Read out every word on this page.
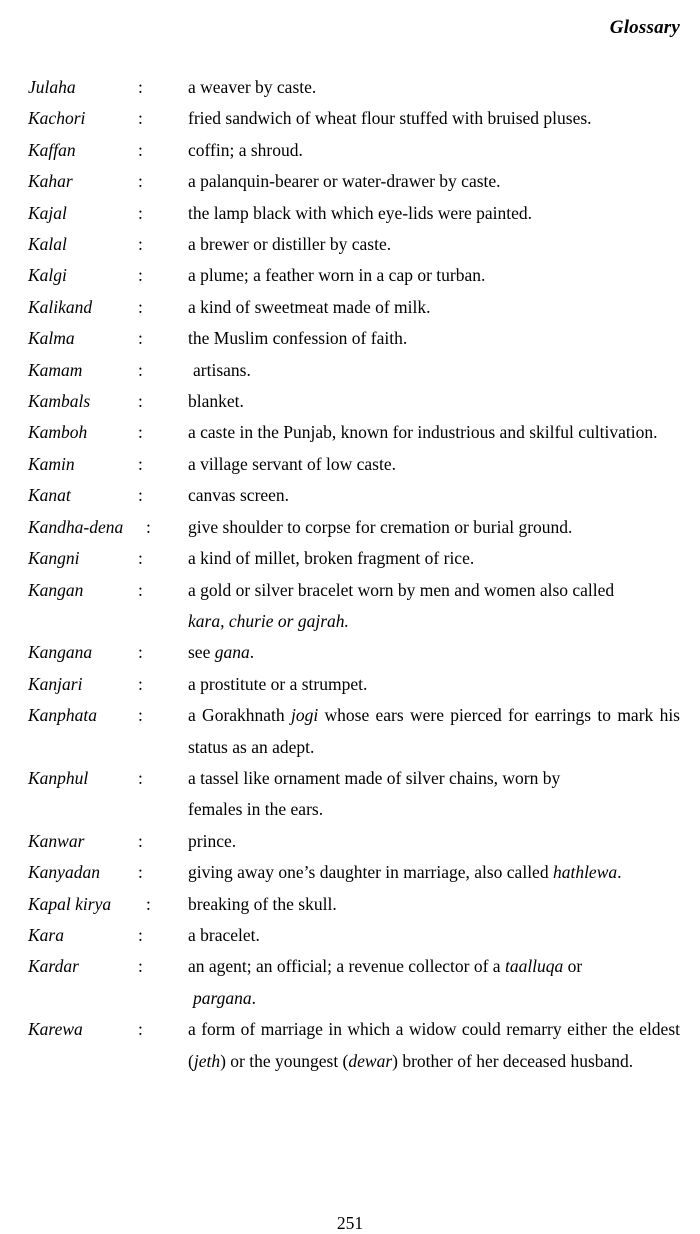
Glossary
Julaha	:	a weaver by caste.
Kachori	:	fried sandwich of wheat flour stuffed with bruised pluses.
Kaffan	:	coffin; a shroud.
Kahar	:	a palanquin-bearer or water-drawer by caste.
Kajal	:	the lamp black with which eye-lids were painted.
Kalal	:	a brewer or distiller by caste.
Kalgi	:	a plume; a feather worn in a cap or turban.
Kalikand	:	a kind of sweetmeat made of milk.
Kalma	:	the Muslim confession of faith.
Kamam	:	artisans.
Kambals	:	blanket.
Kamboh	:	a caste in the Punjab, known for industrious and skilful cultivation.
Kamin	:	a village servant of low caste.
Kanat	:	canvas screen.
Kandha-dena	:	give shoulder to corpse for cremation or burial ground.
Kangni	:	a kind of millet, broken fragment of rice.
Kangan	:	a gold or silver bracelet worn by men and women also called
kara, churie or gajrah.
Kangana	:	see gana.
Kanjari	:	a prostitute or a strumpet.
Kanphata	:	a Gorakhnath jogi whose ears were pierced for earrings to mark his status as an adept.
Kanphul	:	a tassel like ornament made of silver chains, worn by
females in the ears.
Kanwar	:	prince.
Kanyadan	:	giving away one’s daughter in marriage, also called hathlewa.
Kapal kirya	:	breaking of the skull.
Kara	:	a bracelet.
Kardar	:	an agent; an official; a revenue collector of a taalluqa or
pargana.
Karewa	:	a form of marriage in which a widow could remarry either the eldest (jeth) or the youngest (dewar) brother of her deceased husband.
251
